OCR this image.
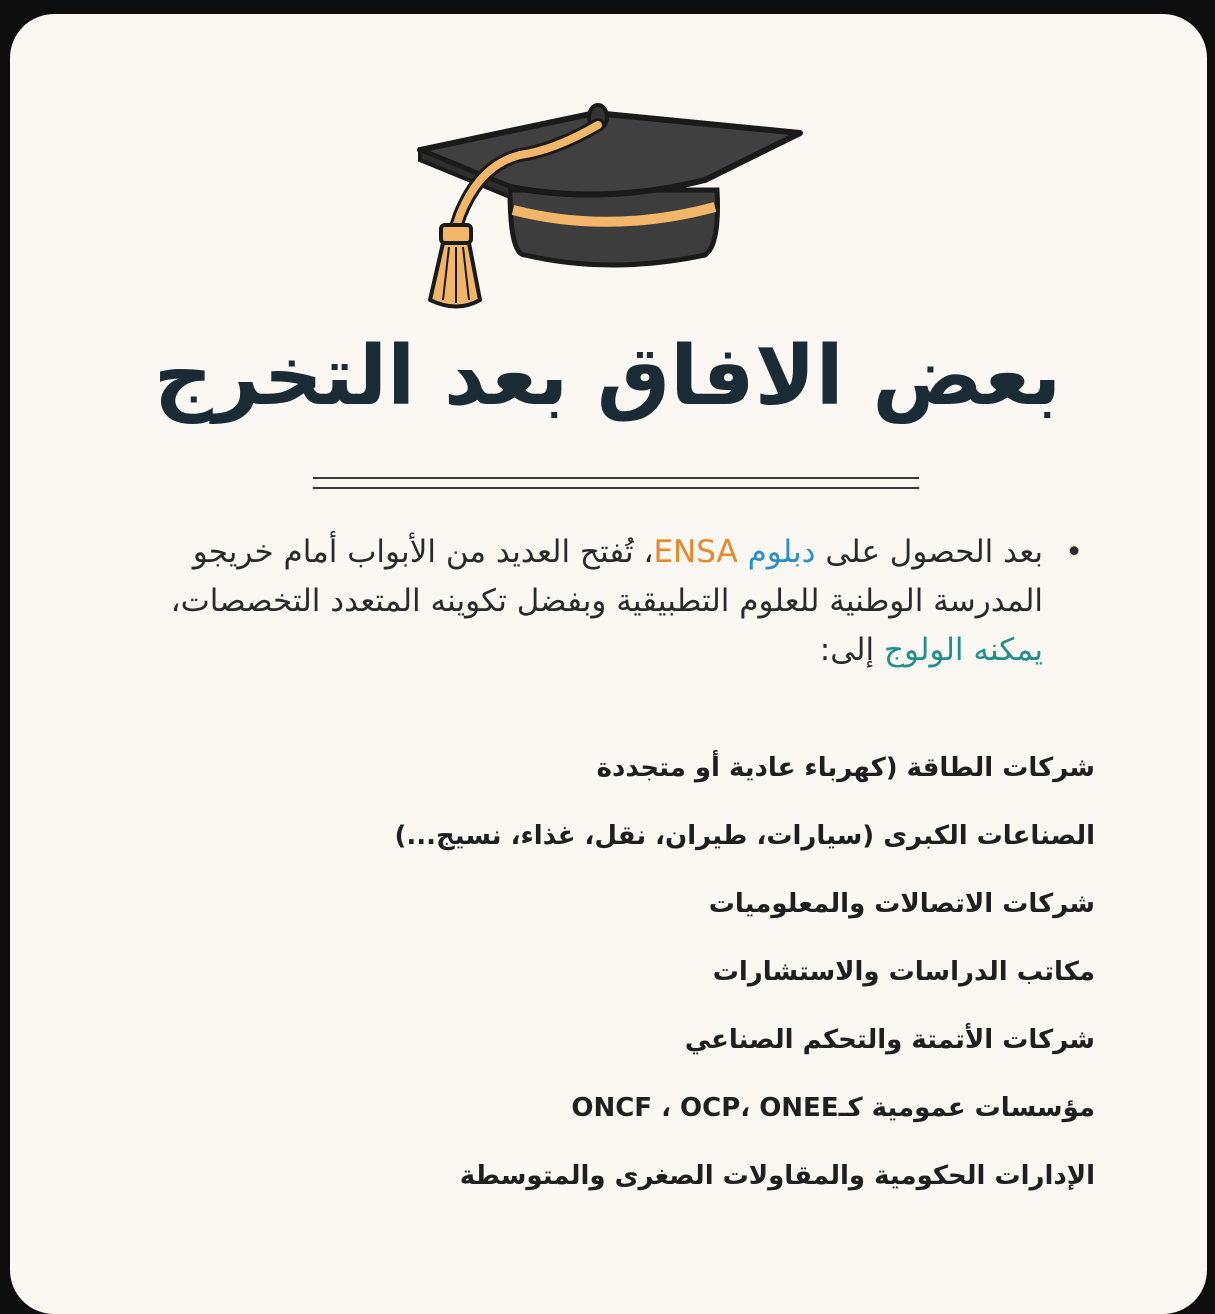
بعض الافاق بعد التخرج

•
بعد الحصول على دبلوم ENSA، تُفتح العديد من الأبواب أمام خريجو المدرسة الوطنية للعلوم التطبيقية وبفضل تكوينه المتعدد التخصصات، يمكنه الولوج إلى:

شركات الطاقة (كهرباء عادية أو متجددة
الصناعات الكبرى (سيارات، طيران، نقل، غذاء، نسيج...)
شركات الاتصالات والمعلوميات
مكاتب الدراسات والاستشارات
شركات الأتمتة والتحكم الصناعي
مؤسسات عمومية كـONCF ، OCP، ONEE
الإدارات الحكومية والمقاولات الصغرى والمتوسطة
